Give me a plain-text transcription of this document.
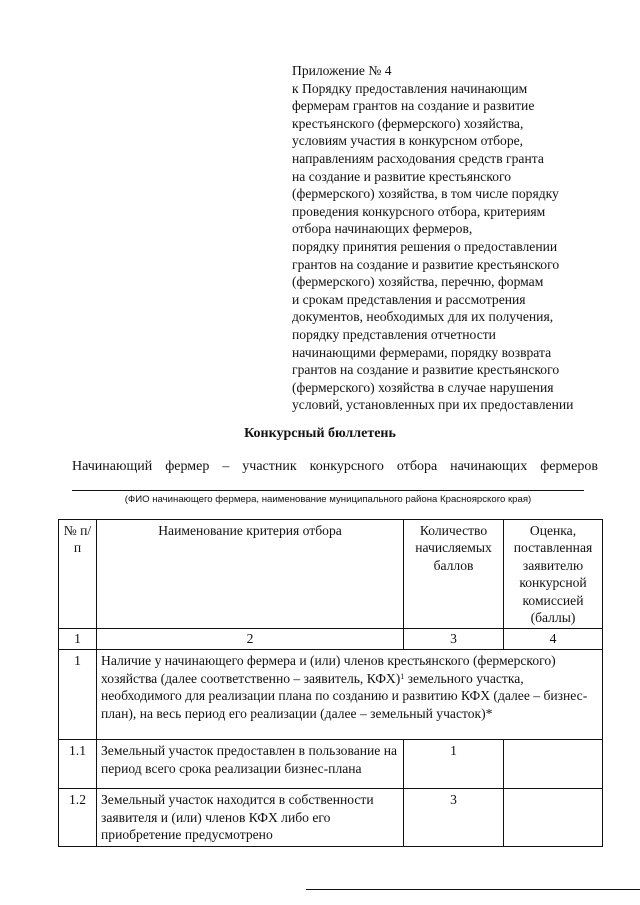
Приложение № 4
к Порядку предоставления начинающим
фермерам грантов на создание и развитие
крестьянского (фермерского) хозяйства,
условиям участия в конкурсном отборе,
направлениям расходования средств гранта
на создание и развитие крестьянского
(фермерского) хозяйства, в том числе порядку
проведения конкурсного отбора, критериям
отбора начинающих фермеров,
порядку принятия решения о предоставлении
грантов на создание и развитие крестьянского
(фермерского) хозяйства, перечню, формам
и срокам представления и рассмотрения
документов, необходимых для их получения,
порядку представления отчетности
начинающими фермерами, порядку возврата
грантов на создание и развитие крестьянского
(фермерского) хозяйства в случае нарушения
условий, установленных при их предоставлении
Конкурсный бюллетень
Начинающий фермер – участник конкурсного отбора начинающих фермеров
(ФИО начинающего фермера, наименование муниципального района Красноярского края)
№ п/п	Наименование критерия отбора	Количество начисляемых баллов	Оценка, поставленная заявителю конкурсной комиссией (баллы)
1	2	3	4
1	Наличие у начинающего фермера и (или) членов крестьянского (фермерского) хозяйства (далее соответственно – заявитель, КФХ)$^1$ земельного участка, необходимого для реализации плана по созданию и развитию КФХ (далее – бизнес-план), на весь период его реализации (далее – земельный участок)*		
1.1	Земельный участок предоставлен в пользование на период всего срока реализации бизнес-плана	1	
1.2	Земельный участок находится в собственности заявителя и (или) членов КФХ либо его приобретение предусмотрено	3	
